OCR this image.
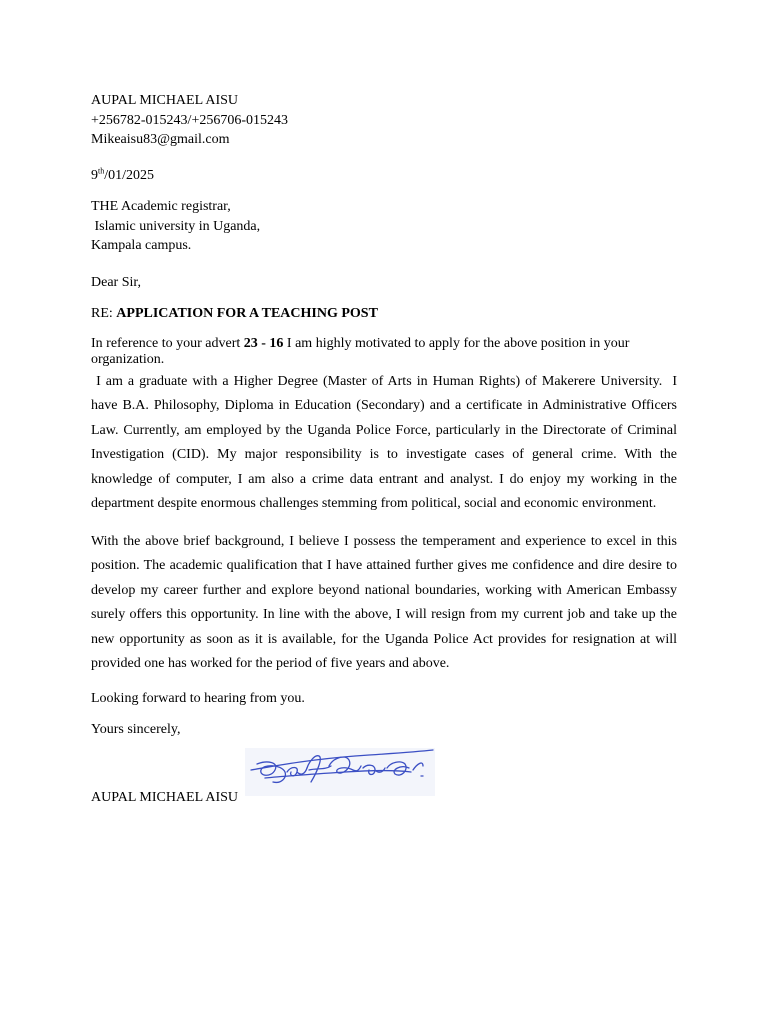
AUPAL MICHAEL AISU
+256782-015243/+256706-015243
Mikeaisu83@gmail.com
9th/01/2025
THE Academic registrar,
Islamic university in Uganda,
Kampala campus.
Dear Sir,
RE: APPLICATION FOR A TEACHING POST

In reference to your advert 23 - 16 I am highly motivated to apply for the above position in your organization.

I am a graduate with a Higher Degree (Master of Arts in Human Rights) of Makerere University.  I have B.A. Philosophy, Diploma in Education (Secondary) and a certificate in Administrative Officers Law. Currently, am employed by the Uganda Police Force, particularly in the Directorate of Criminal Investigation (CID). My major responsibility is to investigate cases of general crime. With the knowledge of computer, I am also a crime data entrant and analyst. I do enjoy my working in the department despite enormous challenges stemming from political, social and economic environment.

With the above brief background, I believe I possess the temperament and experience to excel in this position. The academic qualification that I have attained further gives me confidence and dire desire to develop my career further and explore beyond national boundaries, working with American Embassy surely offers this opportunity. In line with the above, I will resign from my current job and take up the new opportunity as soon as it is available, for the Uganda Police Act provides for resignation at will provided one has worked for the period of five years and above.

Looking forward to hearing from you.
Yours sincerely,
AUPAL MICHAEL AISU
